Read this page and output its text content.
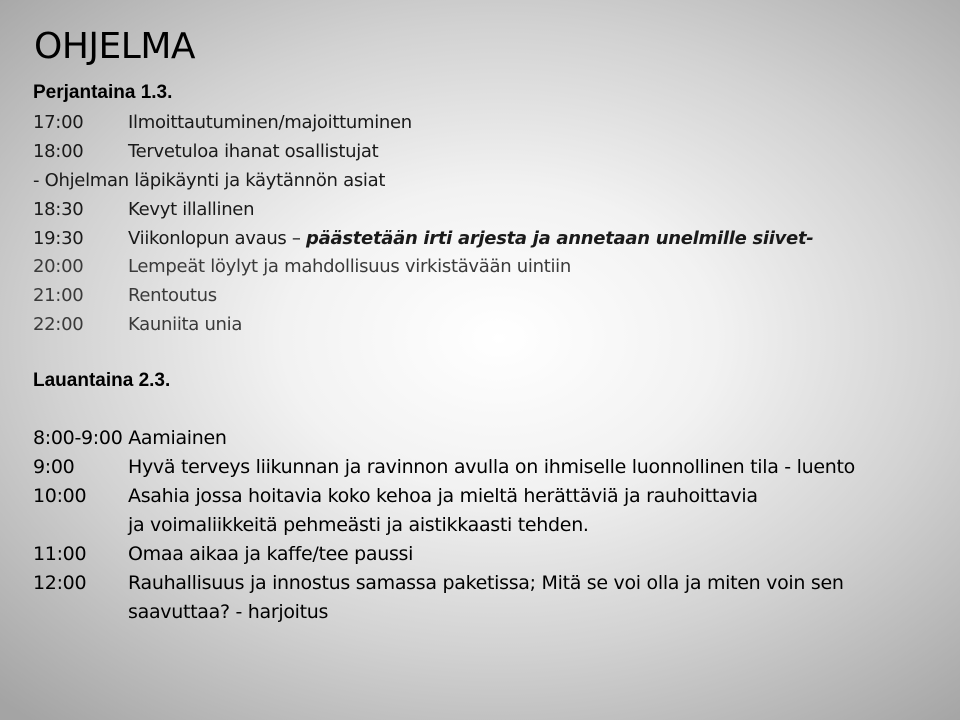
OHJELMA
Perjantaina 1.3.
17:00 Ilmoittautuminen/majoittuminen
18:00 Tervetuloa ihanat osallistujat
- Ohjelman läpikäynti ja käytännön asiat
18:30 Kevyt illallinen
19:30 Viikonlopun avaus – päästetään irti arjesta ja annetaan unelmille siivet-
20:00 Lempeät löylyt ja mahdollisuus virkistävään uintiin
21:00 Rentoutus
22:00 Kauniita unia
Lauantaina 2.3.
8:00-9:00 Aamiainen
9:00	Hyvä terveys liikunnan ja ravinnon avulla on ihmiselle luonnollinen tila - luento
10:00 Asahia jossa hoitavia koko kehoa ja mieltä herättäviä ja rauhoittavia
ja voimaliikkeitä pehmeästi ja aistikkaasti tehden.
11:00 Omaa aikaa ja kaffe/tee paussi
12:00 Rauhallisuus ja innostus samassa paketissa; Mitä se voi olla ja miten voin sen
saavuttaa? - harjoitus
